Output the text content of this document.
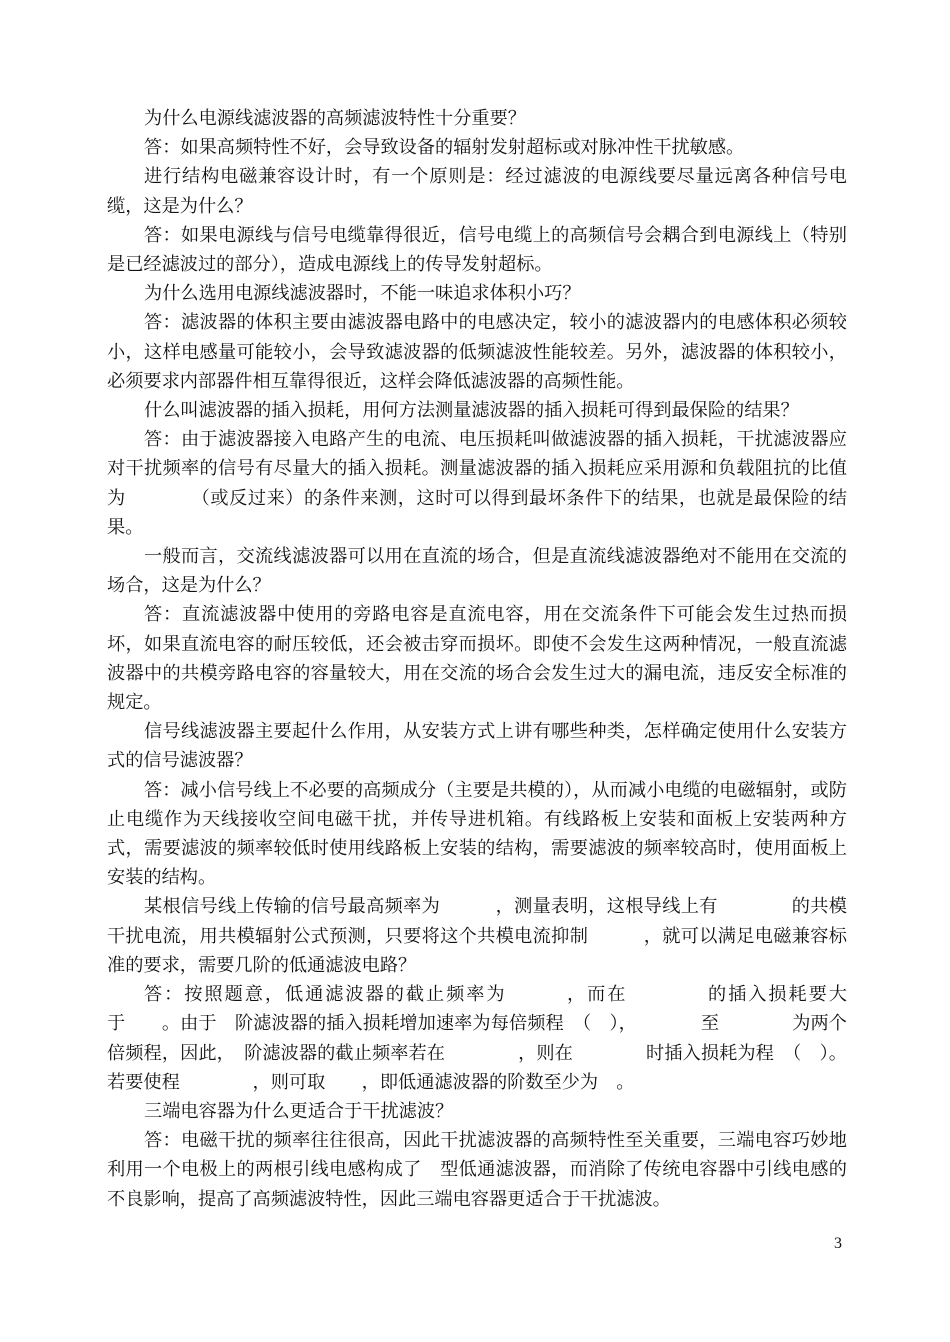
为什么电源线滤波器的高频滤波特性十分重要？

答：如果高频特性不好，会导致设备的辐射发射超标或对脉冲性干扰敏感。

进行结构电磁兼容设计时，有一个原则是：经过滤波的电源线要尽量远离各种信号电缆，这是为什么？

答：如果电源线与信号电缆靠得很近，信号电缆上的高频信号会耦合到电源线上（特别是已经滤波过的部分），造成电源线上的传导发射超标。

为什么选用电源线滤波器时，不能一味追求体积小巧？

答：滤波器的体积主要由滤波器电路中的电感决定，较小的滤波器内的电感体积必须较小，这样电感量可能较小，会导致滤波器的低频滤波性能较差。另外，滤波器的体积较小，必须要求内部器件相互靠得很近，这样会降低滤波器的高频性能。

什么叫滤波器的插入损耗，用何方法测量滤波器的插入损耗可得到最保险的结果？

答：由于滤波器接入电路产生的电流、电压损耗叫做滤波器的插入损耗，干扰滤波器应对干扰频率的信号有尽量大的插入损耗。测量滤波器的插入损耗应采用源和负载阻抗的比值为　　　　（或反过来）的条件来测，这时可以得到最坏条件下的结果，也就是最保险的结果。

一般而言，交流线滤波器可以用在直流的场合，但是直流线滤波器绝对不能用在交流的场合，这是为什么？

答：直流滤波器中使用的旁路电容是直流电容，用在交流条件下可能会发生过热而损坏，如果直流电容的耐压较低，还会被击穿而损坏。即使不会发生这两种情况，一般直流滤波器中的共模旁路电容的容量较大，用在交流的场合会发生过大的漏电流，违反安全标准的规定。

信号线滤波器主要起什么作用，从安装方式上讲有哪些种类，怎样确定使用什么安装方式的信号滤波器？

答：减小信号线上不必要的高频成分（主要是共模的），从而减小电缆的电磁辐射，或防止电缆作为天线接收空间电磁干扰，并传导进机箱。有线路板上安装和面板上安装两种方式，需要滤波的频率较低时使用线路板上安装的结构，需要滤波的频率较高时，使用面板上安装的结构。

某根信号线上传输的信号最高频率为　　　，测量表明，这根导线上有　　　　的共模干扰电流，用共模辐射公式预测，只要将这个共模电流抑制　　　，就可以满足电磁兼容标准的要求，需要几阶的低通滤波电路？

答：按照题意，低通滤波器的截止频率为　　　，而在　　　　的插入损耗要大于　　。由于　阶滤波器的插入损耗增加速率为每倍频程　（　），　　　　至　　　　为两个倍频程，因此，　阶滤波器的截止频率若在　　　　，则在　　　　时插入损耗为程　（　）。若要使程　　　　，则可取　　，即低通滤波器的阶数至少为　。

三端电容器为什么更适合于干扰滤波？

答：电磁干扰的频率往往很高，因此干扰滤波器的高频特性至关重要，三端电容巧妙地利用一个电极上的两根引线电感构成了　型低通滤波器，而消除了传统电容器中引线电感的不良影响，提高了高频滤波特性，因此三端电容器更适合于干扰滤波。

3
